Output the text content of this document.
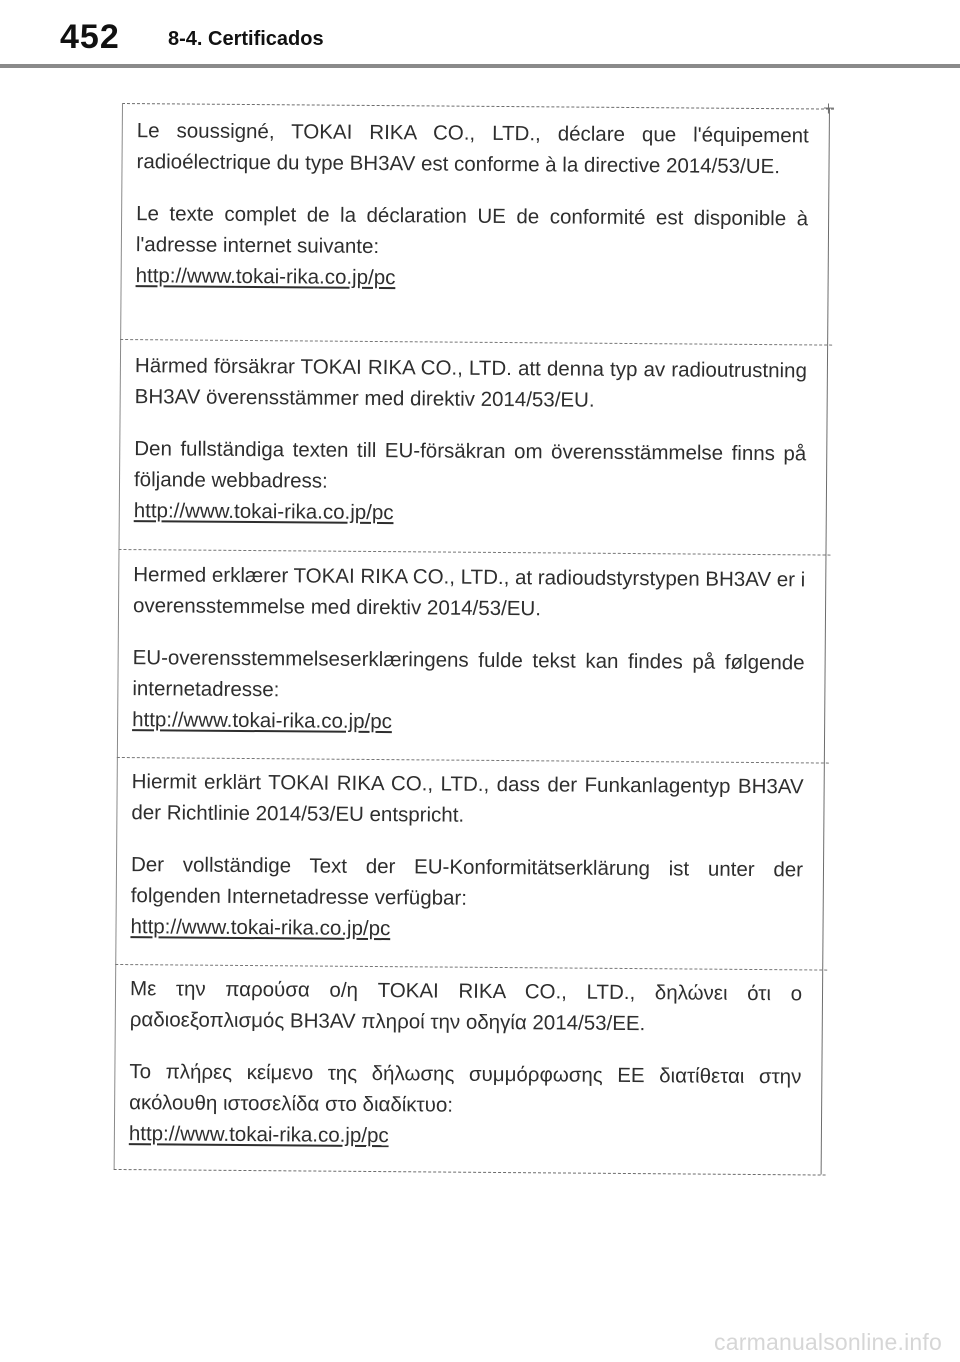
452 8-4. Certificados

Le soussigné, TOKAI RIKA CO., LTD., déclare que l'équipement radioélectrique du type BH3AV est conforme à la directive 2014/53/UE.

Le texte complet de la déclaration UE de conformité est disponible à l'adresse internet suivante:

http://www.tokai-rika.co.jp/pc

Härmed försäkrar TOKAI RIKA CO., LTD. att denna typ av radioutrustning BH3AV överensstämmer med direktiv 2014/53/EU.

Den fullständiga texten till EU-försäkran om överensstämmelse finns på följande webbadress:

http://www.tokai-rika.co.jp/pc

Hermed erklærer TOKAI RIKA CO., LTD., at radioudstyrstypen BH3AV er i overensstemmelse med direktiv 2014/53/EU.

EU-overensstemmelseserklæringens fulde tekst kan findes på følgende internetadresse:

http://www.tokai-rika.co.jp/pc

Hiermit erklärt TOKAI RIKA CO., LTD., dass der Funkanlagentyp BH3AV der Richtlinie 2014/53/EU entspricht.

Der vollständige Text der EU-Konformitätserklärung ist unter der folgenden Internetadresse verfügbar:

http://www.tokai-rika.co.jp/pc

Με την παρούσα ο/η TOKAI RIKA CO., LTD., δηλώνει ότι ο ραδιοεξοπλισμός BH3AV πληροί την οδηγία 2014/53/ΕΕ.

Το πλήρες κείμενο της δήλωσης συμμόρφωσης ΕΕ διατίθεται στην ακόλουθη ιστοσελίδα στο διαδίκτυο:

http://www.tokai-rika.co.jp/pc
carmanualsonline.info
